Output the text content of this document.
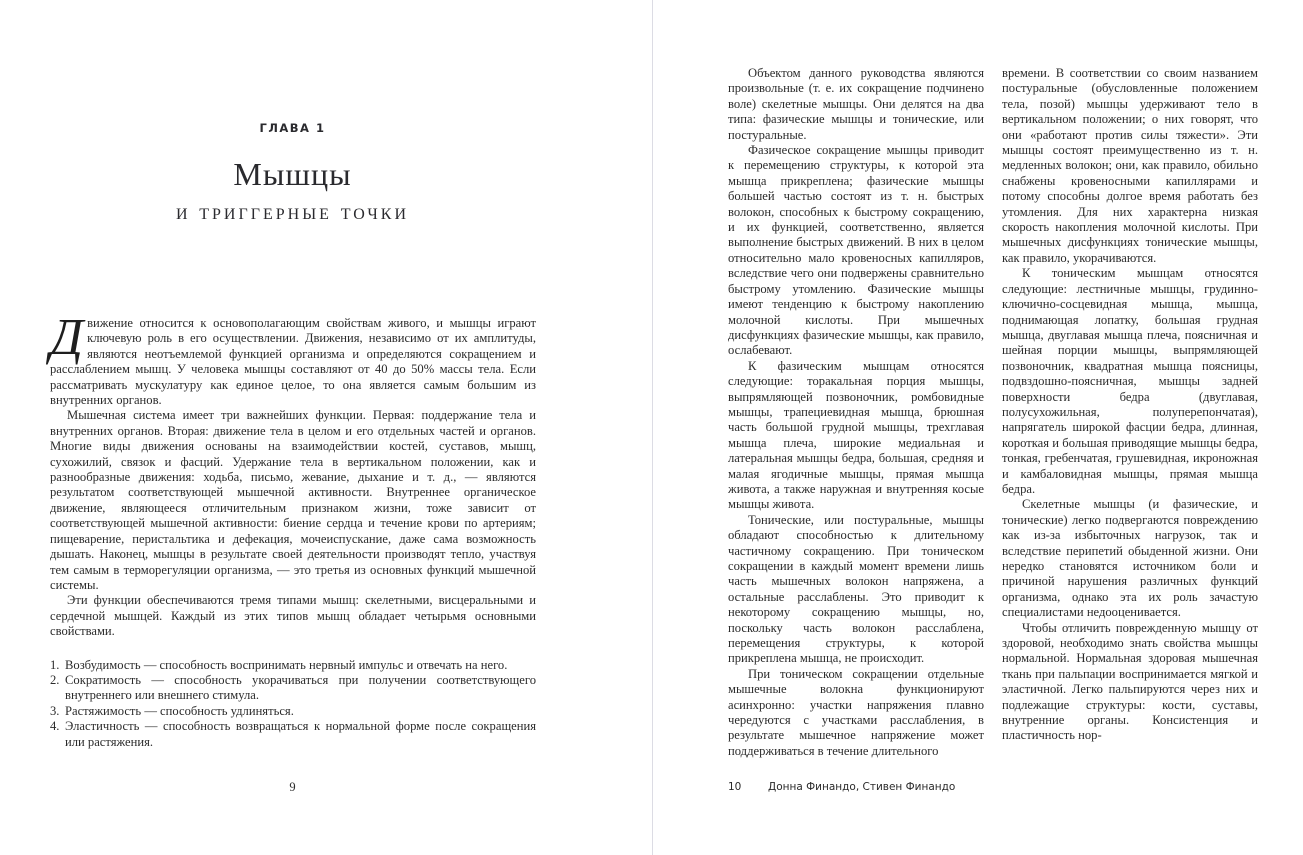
ГЛАВА 1
Мышцы
и триггерные точки

Движение относится к основополагающим свойствам живого, и мышцы играют ключевую роль в его осуществлении. Движения, независимо от их амплитуды, являются неотъемлемой функцией организма и определяются сокращением и расслаблением мышц. У человека мышцы составляют от 40 до 50% массы тела. Если рассматривать мускулатуру как единое целое, то она является самым большим из внутренних органов.

Мышечная система имеет три важнейших функции. Первая: поддержание тела и внутренних органов. Вторая: движение тела в целом и его отдельных частей и органов. Многие виды движения основаны на взаимодействии костей, суставов, мышц, сухожилий, связок и фасций. Удержание тела в вертикальном положении, как и разнообразные движения: ходьба, письмо, жевание, дыхание и т. д., — являются результатом соответствующей мышечной активности. Внутреннее органическое движение, являющееся отличительным признаком жизни, тоже зависит от соответствующей мышечной активности: биение сердца и течение крови по артериям; пищеварение, перистальтика и дефекация, мочеиспускание, даже сама возможность дышать. Наконец, мышцы в результате своей деятельности производят тепло, участвуя тем самым в терморегуляции организма, — это третья из основных функций мышечной системы.

Эти функции обеспечиваются тремя типами мышц: скелетными, висцеральными и сердечной мышцей. Каждый из этих типов мышц обладает четырьмя основными свойствами.

1. Возбудимость — способность воспринимать нервный импульс и отвечать на него.
2. Сократимость — способность укорачиваться при получении соответствующего внутреннего или внешнего стимула.
3. Растяжимость — способность удлиняться.
4. Эластичность — способность возвращаться к нормальной форме после сокращения или растяжения.
9

Объектом данного руководства являются произвольные (т. е. их сокращение подчинено воле) скелетные мышцы. Они делятся на два типа: фазические мышцы и тонические, или постуральные.

Фазическое сокращение мышцы приводит к перемещению структуры, к которой эта мышца прикреплена; фазические мышцы большей частью состоят из т. н. быстрых волокон, способных к быстрому сокращению, и их функцией, соответственно, является выполнение быстрых движений. В них в целом относительно мало кровеносных капилляров, вследствие чего они подвержены сравнительно быстрому утомлению. Фазические мышцы имеют тенденцию к быстрому накоплению молочной кислоты. При мышечных дисфункциях фазические мышцы, как правило, ослабевают.

К фазическим мышцам относятся следующие: торакальная порция мышцы, выпрямляющей позвоночник, ромбовидные мышцы, трапециевидная мышца, брюшная часть большой грудной мышцы, трехглавая мышца плеча, широкие медиальная и латеральная мышцы бедра, большая, средняя и малая ягодичные мышцы, прямая мышца живота, а также наружная и внутренняя косые мышцы живота.

Тонические, или постуральные, мышцы обладают способностью к длительному частичному сокращению. При тоническом сокращении в каждый момент времени лишь часть мышечных волокон напряжена, а остальные расслаблены. Это приводит к некоторому сокращению мышцы, но, поскольку часть волокон расслаблена, перемещения структуры, к которой прикреплена мышца, не происходит.

При тоническом сокращении отдельные мышечные волокна функционируют асинхронно: участки напряжения плавно чередуются с участками расслабления, в результате мышечное напряжение может поддерживаться в течение длительного

времени. В соответствии со своим названием постуральные (обусловленные положением тела, позой) мышцы удерживают тело в вертикальном положении; о них говорят, что они «работают против силы тяжести». Эти мышцы состоят преимущественно из т. н. медленных волокон; они, как правило, обильно снабжены кровеносными капиллярами и потому способны долгое время работать без утомления. Для них характерна низкая скорость накопления молочной кислоты. При мышечных дисфункциях тонические мышцы, как правило, укорачиваются.

К тоническим мышцам относятся следующие: лестничные мышцы, грудинно-ключично-сосцевидная мышца, мышца, поднимающая лопатку, большая грудная мышца, двуглавая мышца плеча, поясничная и шейная порции мышцы, выпрямляющей позвоночник, квадратная мышца поясницы, подвздошно-поясничная, мышцы задней поверхности бедра (двуглавая, полусухожильная, полуперепончатая), напрягатель широкой фасции бедра, длинная, короткая и большая приводящие мышцы бедра, тонкая, гребенчатая, грушевидная, икроножная и камбаловидная мышцы, прямая мышца бедра.

Скелетные мышцы (и фазические, и тонические) легко подвергаются повреждению как из-за избыточных нагрузок, так и вследствие перипетий обыденной жизни. Они нередко становятся источником боли и причиной нарушения различных функций организма, однако эта их роль зачастую специалистами недооценивается.

Чтобы отличить поврежденную мышцу от здоровой, необходимо знать свойства мышцы нормальной. Нормальная здоровая мышечная ткань при пальпации воспринимается мягкой и эластичной. Легко пальпируются через них и подлежащие структуры: кости, суставы, внутренние органы. Консистенция и пластичность нор-

10	Донна Финандо, Стивен Финандо
